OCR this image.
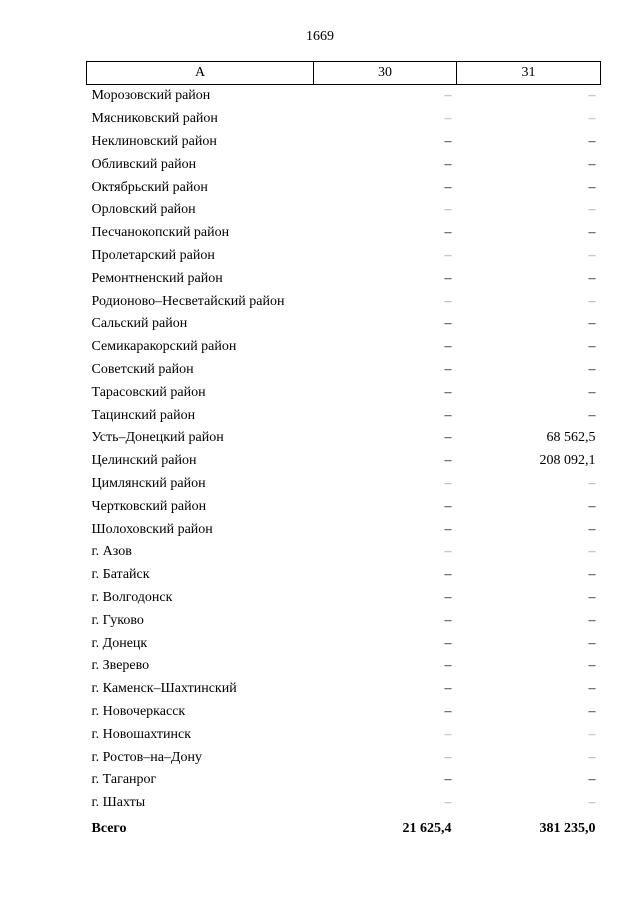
1669
А	30	31
Морозовский район	–	–
Мясниковский район	–	–
Неклиновский район	–	–
Обливский район	–	–
Октябрьский район	–	–
Орловский район	–	–
Песчанокопский район	–	–
Пролетарский район	–	–
Ремонтненский район	–	–
Родионово–Несветайский район	–	–
Сальский район	–	–
Семикаракорский район	–	–
Советский район	–	–
Тарасовский район	–	–
Тацинский район	–	–
Усть–Донецкий район	–	68 562,5
Целинский район	–	208 092,1
Цимлянский район	–	–
Чертковский район	–	–
Шолоховский район	–	–
г. Азов	–	–
г. Батайск	–	–
г. Волгодонск	–	–
г. Гуково	–	–
г. Донецк	–	–
г. Зверево	–	–
г. Каменск–Шахтинский	–	–
г. Новочеркасск	–	–
г. Новошахтинск	–	–
г. Ростов–на–Дону	–	–
г. Таганрог	–	–
г. Шахты	–	–
Всего	21 625,4	381 235,0
